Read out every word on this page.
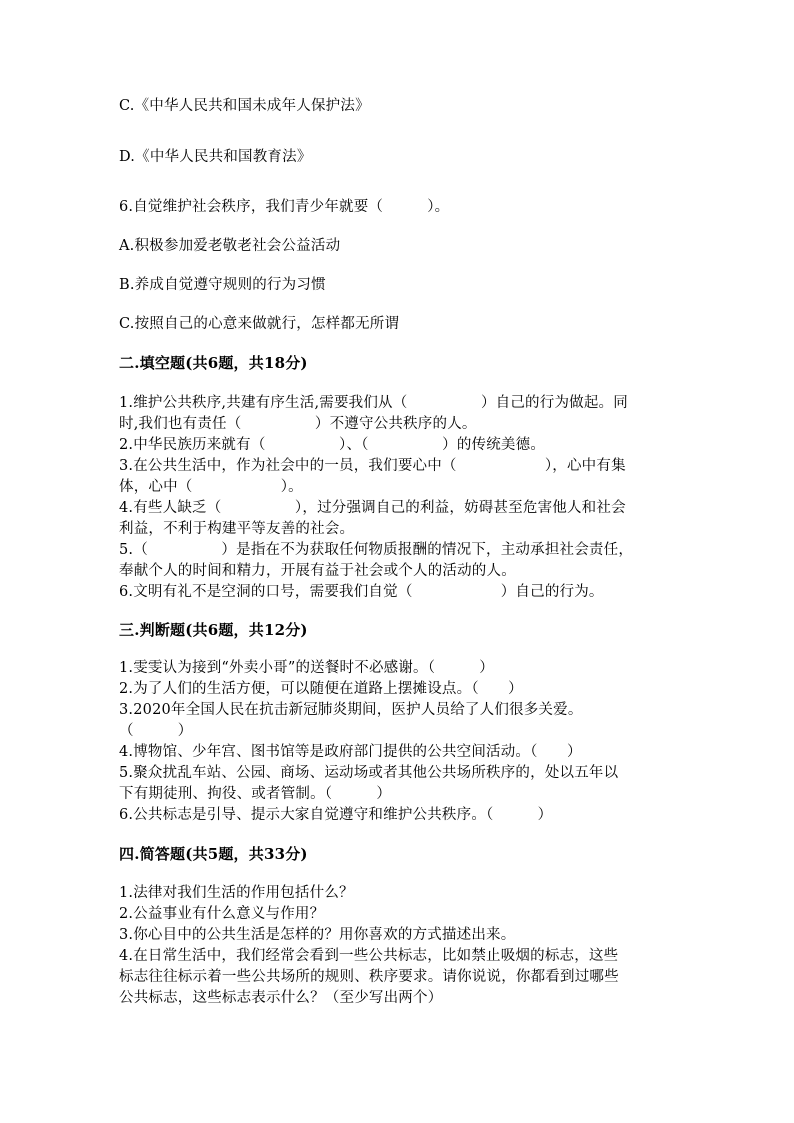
C.《中华人民共和国未成年人保护法》
D.《中华人民共和国教育法》
6.自觉维护社会秩序，我们青少年就要（　　　）。
A.积极参加爱老敬老社会公益活动
B.养成自觉遵守规则的行为习惯
C.按照自己的心意来做就行，怎样都无所谓
二.填空题(共6题，共18分)
1.维护公共秩序,共建有序生活,需要我们从（　　　　　）自己的行为做起。同
时,我们也有责任（　　　　　）不遵守公共秩序的人。
2.中华民族历来就有（　　　　　）、（　　　　　）的传统美德。
3.在公共生活中，作为社会中的一员，我们要心中（　　　　　　），心中有集
体，心中（　　　　　　）。
4.有些人缺乏（　　　　　），过分强调自己的利益，妨碍甚至危害他人和社会
利益，不利于构建平等友善的社会。
5.（　　　　　）是指在不为获取任何物质报酬的情况下，主动承担社会责任，
奉献个人的时间和精力，开展有益于社会或个人的活动的人。
6.文明有礼不是空洞的口号，需要我们自觉（　　　　　　）自己的行为。
三.判断题(共6题，共12分)
1.雯雯认为接到“外卖小哥”的送餐时不必感谢。（　　　）
2.为了人们的生活方便，可以随便在道路上摆摊设点。（　　）
3.2020年全国人民在抗击新冠肺炎期间，医护人员给了人们很多关爱。
（　　　）
4.博物馆、少年宫、图书馆等是政府部门提供的公共空间活动。（　　）
5.聚众扰乱车站、公园、商场、运动场或者其他公共场所秩序的，处以五年以
下有期徒刑、拘役、或者管制。（　　　）
6.公共标志是引导、提示大家自觉遵守和维护公共秩序。（　　　）
四.简答题(共5题，共33分)
1.法律对我们生活的作用包括什么？
2.公益事业有什么意义与作用？
3.你心目中的公共生活是怎样的？用你喜欢的方式描述出来。
4.在日常生活中，我们经常会看到一些公共标志，比如禁止吸烟的标志，这些
标志往往标示着一些公共场所的规则、秩序要求。请你说说，你都看到过哪些
公共标志，这些标志表示什么？（至少写出两个）
